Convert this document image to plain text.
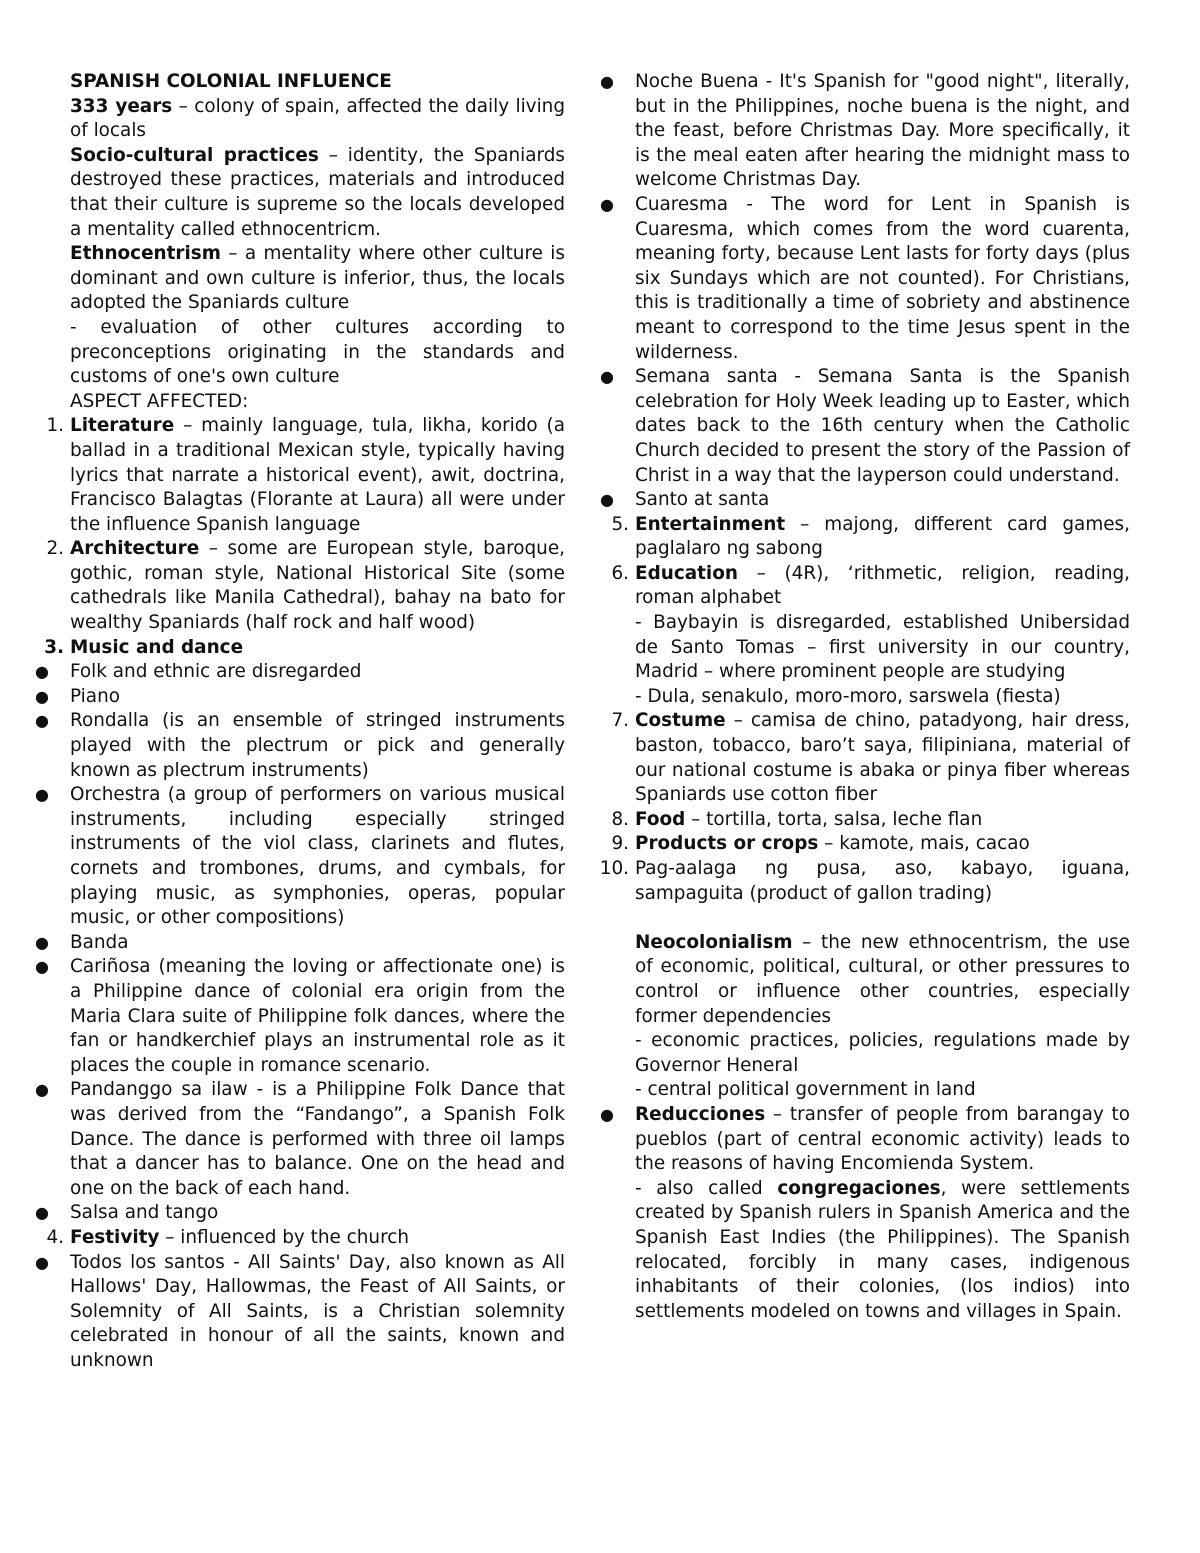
SPANISH COLONIAL INFLUENCE

333 years – colony of spain, affected the daily living of locals

Socio-cultural practices – identity, the Spaniards destroyed these practices, materials and introduced that their culture is supreme so the locals developed a mentality called ethnocentricm.

Ethnocentrism – a mentality where other culture is dominant and own culture is inferior, thus, the locals adopted the Spaniards culture

- evaluation of other cultures according to preconceptions originating in the standards and customs of one's own culture

ASPECT AFFECTED:

1. Literature – mainly language, tula, likha, korido (a ballad in a traditional Mexican style, typically having lyrics that narrate a historical event), awit, doctrina, Francisco Balagtas (Florante at Laura) all were under the influence Spanish language
2. Architecture – some are European style, baroque, gothic, roman style, National Historical Site (some cathedrals like Manila Cathedral), bahay na bato for wealthy Spaniards (half rock and half wood)
3. Music and dance
● Folk and ethnic are disregarded
● Piano
● Rondalla (is an ensemble of stringed instruments played with the plectrum or pick and generally known as plectrum instruments)
● Orchestra (a group of performers on various musical instruments, including especially stringed instruments of the viol class, clarinets and flutes, cornets and trombones, drums, and cymbals, for playing music, as symphonies, operas, popular music, or other compositions)
● Banda
● Cariñosa (meaning the loving or affectionate one) is a Philippine dance of colonial era origin from the Maria Clara suite of Philippine folk dances, where the fan or handkerchief plays an instrumental role as it places the couple in romance scenario.
● Pandanggo sa ilaw - is a Philippine Folk Dance that was derived from the “Fandango”, a Spanish Folk Dance. The dance is performed with three oil lamps that a dancer has to balance. One on the head and one on the back of each hand.
● Salsa and tango
4. Festivity – influenced by the church
● Todos los santos - All Saints' Day, also known as All Hallows' Day, Hallowmas, the Feast of All Saints, or Solemnity of All Saints, is a Christian solemnity celebrated in honour of all the saints, known and unknown
● Noche Buena - It's Spanish for "good night", literally, but in the Philippines, noche buena is the night, and the feast, before Christmas Day. More specifically, it is the meal eaten after hearing the midnight mass to welcome Christmas Day.
● Cuaresma - The word for Lent in Spanish is Cuaresma, which comes from the word cuarenta, meaning forty, because Lent lasts for forty days (plus six Sundays which are not counted). For Christians, this is traditionally a time of sobriety and abstinence meant to correspond to the time Jesus spent in the wilderness.
● Semana santa - Semana Santa is the Spanish celebration for Holy Week leading up to Easter, which dates back to the 16th century when the Catholic Church decided to present the story of the Passion of Christ in a way that the layperson could understand.
● Santo at santa
5. Entertainment – majong, different card games, paglalaro ng sabong
6. Education – (4R), ‘rithmetic, religion, reading, roman alphabet

- Baybayin is disregarded, established Unibersidad de Santo Tomas – first university in our country, Madrid – where prominent people are studying

- Dula, senakulo, moro-moro, sarswela (fiesta)

7. Costume – camisa de chino, patadyong, hair dress, baston, tobacco, baro’t saya, filipiniana, material of our national costume is abaka or pinya fiber whereas Spaniards use cotton fiber
8. Food – tortilla, torta, salsa, leche flan
9. Products or crops – kamote, mais, cacao
10. Pag-aalaga ng pusa, aso, kabayo, iguana, sampaguita (product of gallon trading)

Neocolonialism – the new ethnocentrism, the use of economic, political, cultural, or other pressures to control or influence other countries, especially former dependencies

- economic practices, policies, regulations made by Governor Heneral

- central political government in land

● Reducciones – transfer of people from barangay to pueblos (part of central economic activity) leads to the reasons of having Encomienda System.

- also called congregaciones, were settlements created by Spanish rulers in Spanish America and the Spanish East Indies (the Philippines). The Spanish relocated, forcibly in many cases, indigenous inhabitants of their colonies, (los indios) into settlements modeled on towns and villages in Spain.
